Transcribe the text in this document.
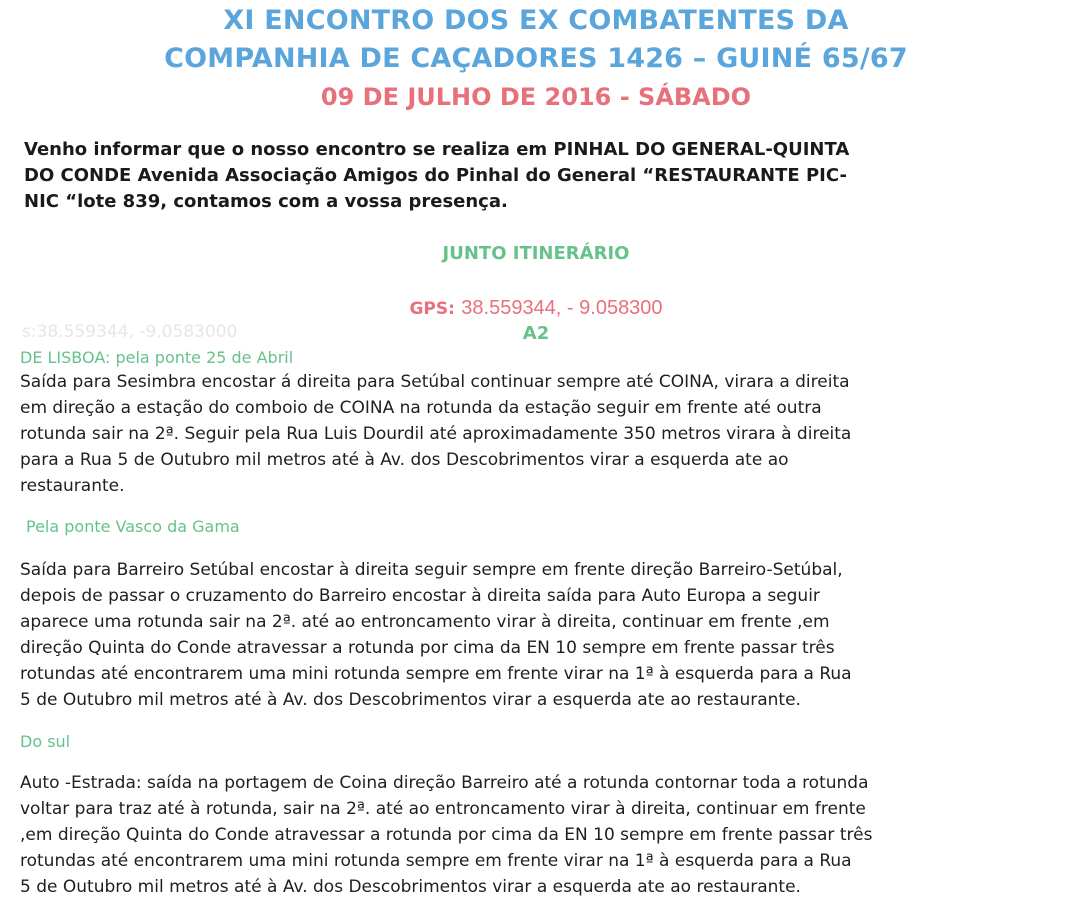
s:38.559344, -9.0583000
XI ENCONTRO DOS EX COMBATENTES DA
COMPANHIA DE CAÇADORES 1426 – GUINÉ 65/67
09 DE JULHO DE 2016 - SÁBADO

Venho informar que o nosso encontro se realiza em PINHAL DO GENERAL-QUINTA

DO CONDE Avenida Associação Amigos do Pinhal do General “RESTAURANTE PIC-

NIC “lote 839, contamos com a vossa presença.

JUNTO ITINERÁRIO
GPS: 38.559344, - 9.058300
A2
DE LISBOA: pela ponte 25 de Abril

Saída para Sesimbra encostar á direita para Setúbal continuar sempre até COINA, virara a direita

em direção a estação do comboio de COINA na rotunda da estação seguir em frente até outra

rotunda sair na 2ª. Seguir pela Rua Luis Dourdil até aproximadamente 350 metros virara à direita

para a Rua 5 de Outubro mil metros até à Av. dos Descobrimentos virar a esquerda ate ao

restaurante.

Pela ponte Vasco da Gama

Saída para Barreiro Setúbal encostar à direita seguir sempre em frente direção Barreiro-Setúbal,

depois de passar o cruzamento do Barreiro encostar à direita saída para Auto Europa a seguir

aparece uma rotunda sair na 2ª. até ao entroncamento virar à direita, continuar em frente ,em

direção Quinta do Conde atravessar a rotunda por cima da EN 10 sempre em frente passar três

rotundas até encontrarem uma mini rotunda sempre em frente virar na 1ª à esquerda para a Rua

5 de Outubro mil metros até à Av. dos Descobrimentos virar a esquerda ate ao restaurante.

Do sul

Auto -Estrada: saída na portagem de Coina direção Barreiro até a rotunda contornar toda a rotunda

voltar para traz até à rotunda, sair na 2ª. até ao entroncamento virar à direita, continuar em frente

,em direção Quinta do Conde atravessar a rotunda por cima da EN 10 sempre em frente passar três

rotundas até encontrarem uma mini rotunda sempre em frente virar na 1ª à esquerda para a Rua

5 de Outubro mil metros até à Av. dos Descobrimentos virar a esquerda ate ao restaurante.
